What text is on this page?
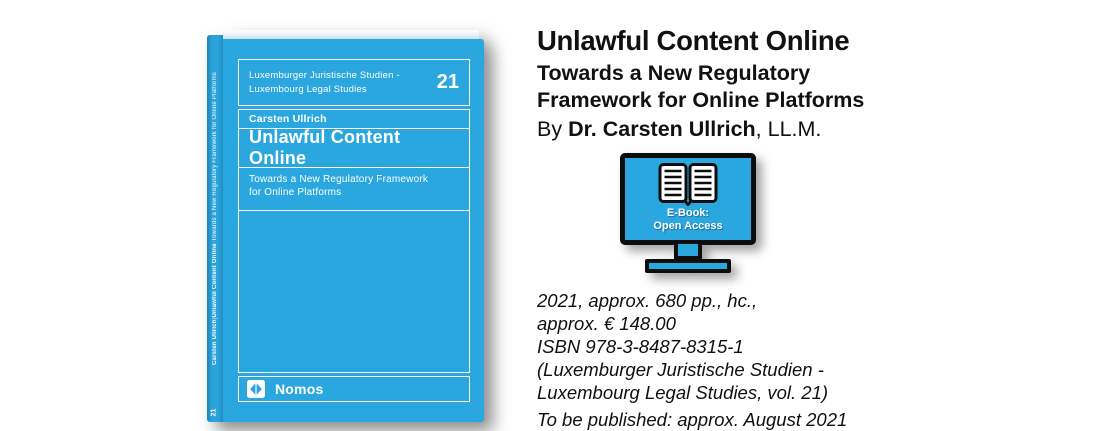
Carsten Ullrich|Unlawful Content Online·Towards a New Regulatory Framework for Online Platforms
21
Luxemburger Juristische Studien -
Luxembourg Legal Studies	21
Carsten Ullrich
Unlawful Content Online
Towards a New Regulatory Framework
for Online Platforms
Nomos
Unlawful Content Online
Towards a New Regulatory
Framework for Online Platforms
By Dr. Carsten Ullrich, LL.M.
E-Book:
Open Access
2021, approx. 680 pp., hc.,
approx. € 148.00
ISBN 978-3-8487-8315-1
(Luxemburger Juristische Studien -
Luxembourg Legal Studies, vol. 21)
To be published: approx. August 2021
